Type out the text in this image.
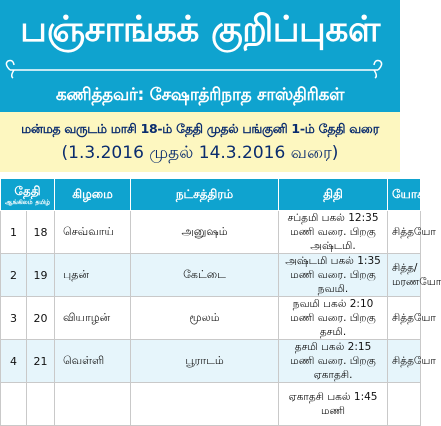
பஞ்சாங்கக் குறிப்புகள்
கணித்தவர்: சேஷாத்ரிநாத சாஸ்திரிகள்
மன்மத வருடம் மாசி 18-ம் தேதி முதல் பங்குனி 1-ம் தேதி வரை
(1.3.2016 முதல் 14.3.2016 வரை)
தேதி
ஆங்கிலம் தமிழ்		கிழமை	நட்சத்திரம்	திதி	யோகம்
1	18	செவ்வாய்	அனுஷம்	சப்தமி பகல் 12:35 மணி வரை. பிறகு அஷ்டமி.	சித்தயோ
2	19	புதன்	கேட்டை	அஷ்டமி பகல் 1:35 மணி வரை. பிறகு நவமி.	சித்த/ மரணயோ
3	20	வியாழன்	மூலம்	நவமி பகல் 2:10 மணி வரை. பிறகு தசமி.	சித்தயோ
4	21	வெள்ளி	பூராடம்	தசமி பகல் 2:15 மணி வரை. பிறகு ஏகாதசி.	சித்தயோ
				ஏகாதசி பகல் 1:45 மணி	
